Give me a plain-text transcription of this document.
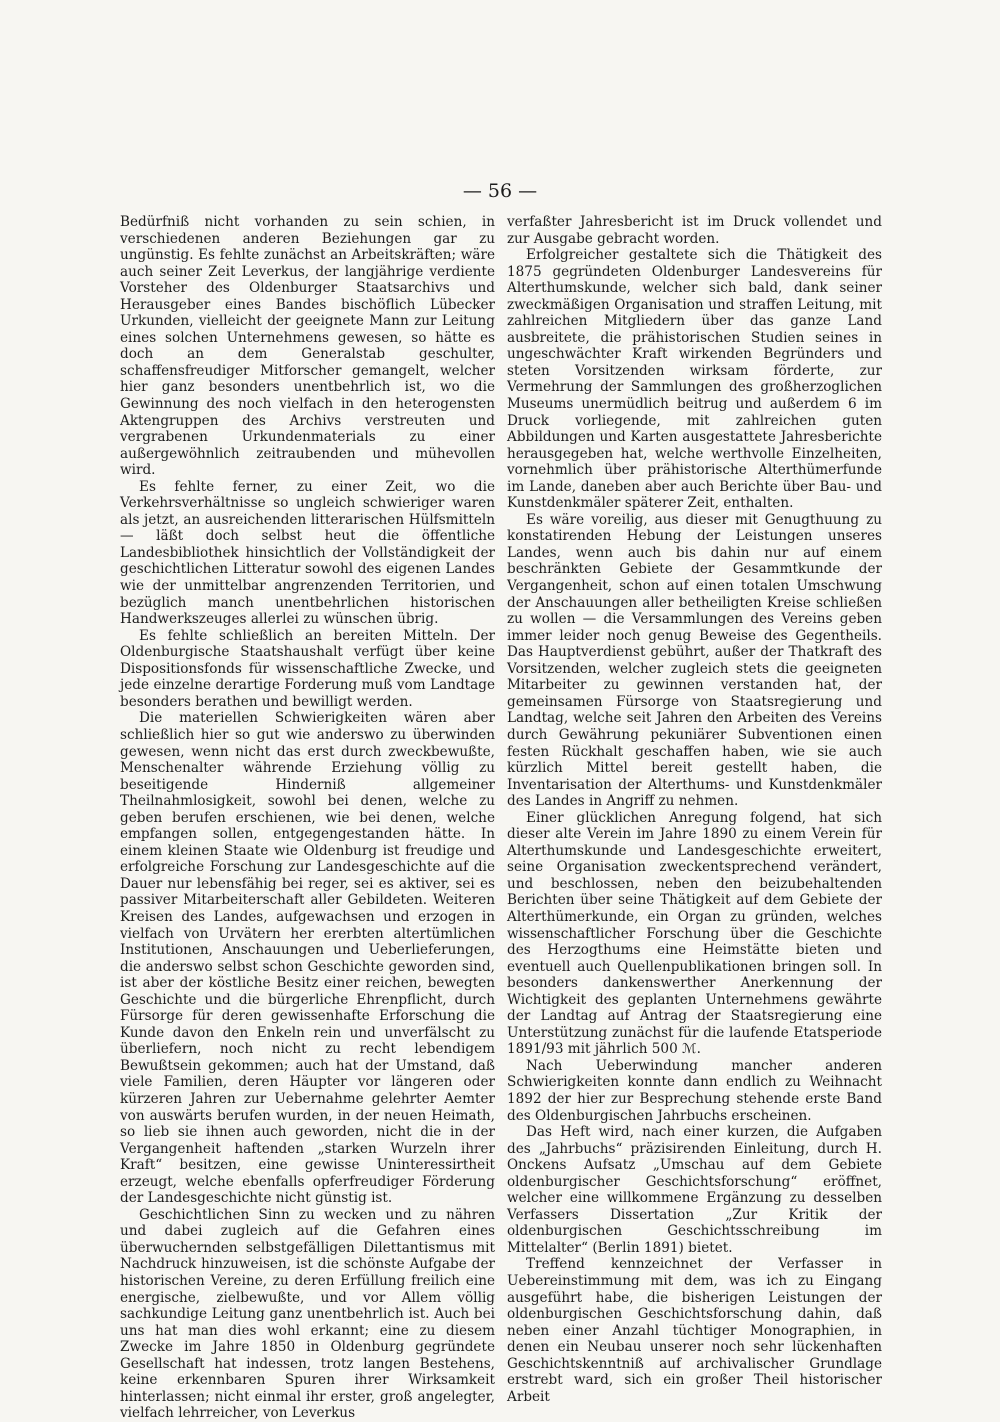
— 56 —

Bedürfniß nicht vorhanden zu sein schien, in verschiedenen anderen Beziehungen gar zu ungünstig. Es fehlte zunächst an Arbeitskräften; wäre auch seiner Zeit Leverkus, der langjährige verdiente Vorsteher des Oldenburger Staatsarchivs und Herausgeber eines Bandes bischöflich Lübecker Urkunden, vielleicht der geeignete Mann zur Leitung eines solchen Unternehmens gewesen, so hätte es doch an dem Generalstab geschulter, schaffensfreudiger Mitforscher gemangelt, welcher hier ganz besonders unentbehrlich ist, wo die Gewinnung des noch vielfach in den heterogensten Aktengruppen des Archivs verstreuten und vergrabenen Urkundenmaterials zu einer außergewöhnlich zeitraubenden und mühevollen wird.

Es fehlte ferner, zu einer Zeit, wo die Verkehrsverhältnisse so ungleich schwieriger waren als jetzt, an ausreichenden litterarischen Hülfsmitteln — läßt doch selbst heut die öffentliche Landesbibliothek hinsichtlich der Vollständigkeit der geschichtlichen Litteratur sowohl des eigenen Landes wie der unmittelbar angrenzenden Territorien, und bezüglich manch unentbehrlichen historischen Handwerkszeuges allerlei zu wünschen übrig.

Es fehlte schließlich an bereiten Mitteln. Der Oldenburgische Staatshaushalt verfügt über keine Dispositionsfonds für wissenschaftliche Zwecke, und jede einzelne derartige Forderung muß vom Landtage besonders berathen und bewilligt werden.

Die materiellen Schwierigkeiten wären aber schließlich hier so gut wie anderswo zu überwinden gewesen, wenn nicht das erst durch zweckbewußte, Menschenalter währende Erziehung völlig zu beseitigende Hinderniß allgemeiner Theilnahmlosigkeit, sowohl bei denen, welche zu geben berufen erschienen, wie bei denen, welche empfangen sollen, entgegengestanden hätte. In einem kleinen Staate wie Oldenburg ist freudige und erfolgreiche Forschung zur Landesgeschichte auf die Dauer nur lebensfähig bei reger, sei es aktiver, sei es passiver Mitarbeiterschaft aller Gebildeten. Weiteren Kreisen des Landes, aufgewachsen und erzogen in vielfach von Urvätern her ererbten altertümlichen Institutionen, Anschauungen und Ueberlieferungen, die anderswo selbst schon Geschichte geworden sind, ist aber der köstliche Besitz einer reichen, bewegten Geschichte und die bürgerliche Ehrenpflicht, durch Fürsorge für deren gewissenhafte Erforschung die Kunde davon den Enkeln rein und unverfälscht zu überliefern, noch nicht zu recht lebendigem Bewußtsein gekommen; auch hat der Umstand, daß viele Familien, deren Häupter vor längeren oder kürzeren Jahren zur Uebernahme gelehrter Aemter von auswärts berufen wurden, in der neuen Heimath, so lieb sie ihnen auch geworden, nicht die in der Vergangenheit haftenden „starken Wurzeln ihrer Kraft“ besitzen, eine gewisse Uninteressirtheit erzeugt, welche ebenfalls opferfreudiger Förderung der Landesgeschichte nicht günstig ist.

Geschichtlichen Sinn zu wecken und zu nähren und dabei zugleich auf die Gefahren eines überwuchernden selbstgefälligen Dilettantismus mit Nachdruck hinzuweisen, ist die schönste Aufgabe der historischen Vereine, zu deren Erfüllung freilich eine energische, zielbewußte, und vor Allem völlig sachkundige Leitung ganz unentbehrlich ist. Auch bei uns hat man dies wohl erkannt; eine zu diesem Zwecke im Jahre 1850 in Oldenburg gegründete Gesellschaft hat indessen, trotz langen Bestehens, keine erkennbaren Spuren ihrer Wirksamkeit hinterlassen; nicht einmal ihr erster, groß angelegter, vielfach lehrreicher, von Leverkus

verfaßter Jahresbericht ist im Druck vollendet und zur Ausgabe gebracht worden.

Erfolgreicher gestaltete sich die Thätigkeit des 1875 gegründeten Oldenburger Landesvereins für Alterthumskunde, welcher sich bald, dank seiner zweckmäßigen Organisation und straffen Leitung, mit zahlreichen Mitgliedern über das ganze Land ausbreitete, die prähistorischen Studien seines in ungeschwächter Kraft wirkenden Begründers und steten Vorsitzenden wirksam förderte, zur Vermehrung der Sammlungen des großherzoglichen Museums unermüdlich beitrug und außerdem 6 im Druck vorliegende, mit zahlreichen guten Abbildungen und Karten ausgestattete Jahresberichte herausgegeben hat, welche werthvolle Einzelheiten, vornehmlich über prähistorische Alterthümerfunde im Lande, daneben aber auch Berichte über Bau- und Kunstdenkmäler späterer Zeit, enthalten.

Es wäre voreilig, aus dieser mit Genugthuung zu konstatirenden Hebung der Leistungen unseres Landes, wenn auch bis dahin nur auf einem beschränkten Gebiete der Gesammtkunde der Vergangenheit, schon auf einen totalen Umschwung der Anschauungen aller betheiligten Kreise schließen zu wollen — die Versammlungen des Vereins geben immer leider noch genug Beweise des Gegentheils. Das Hauptverdienst gebührt, außer der Thatkraft des Vorsitzenden, welcher zugleich stets die geeigneten Mitarbeiter zu gewinnen verstanden hat, der gemeinsamen Fürsorge von Staatsregierung und Landtag, welche seit Jahren den Arbeiten des Vereins durch Gewährung pekuniärer Subventionen einen festen Rückhalt geschaffen haben, wie sie auch kürzlich Mittel bereit gestellt haben, die Inventarisation der Alterthums- und Kunstdenkmäler des Landes in Angriff zu nehmen.

Einer glücklichen Anregung folgend, hat sich dieser alte Verein im Jahre 1890 zu einem Verein für Alterthumskunde und Landesgeschichte erweitert, seine Organisation zweckentsprechend verändert, und beschlossen, neben den beizubehaltenden Berichten über seine Thätigkeit auf dem Gebiete der Alterthümerkunde, ein Organ zu gründen, welches wissenschaftlicher Forschung über die Geschichte des Herzogthums eine Heimstätte bieten und eventuell auch Quellenpublikationen bringen soll. In besonders dankenswerther Anerkennung der Wichtigkeit des geplanten Unternehmens gewährte der Landtag auf Antrag der Staatsregierung eine Unterstützung zunächst für die laufende Etatsperiode 1891/93 mit jährlich 500 ℳ.

Nach Ueberwindung mancher anderen Schwierigkeiten konnte dann endlich zu Weihnacht 1892 der hier zur Besprechung stehende erste Band des Oldenburgischen Jahrbuchs erscheinen.

Das Heft wird, nach einer kurzen, die Aufgaben des „Jahrbuchs“ präzisirenden Einleitung, durch H. Onckens Aufsatz „Umschau auf dem Gebiete oldenburgischer Geschichtsforschung“ eröffnet, welcher eine willkommene Ergänzung zu desselben Verfassers Dissertation „Zur Kritik der oldenburgischen Geschichtsschreibung im Mittelalter“ (Berlin 1891) bietet.

Treffend kennzeichnet der Verfasser in Uebereinstimmung mit dem, was ich zu Eingang ausgeführt habe, die bisherigen Leistungen der oldenburgischen Geschichtsforschung dahin, daß neben einer Anzahl tüchtiger Monographien, in denen ein Neubau unserer noch sehr lückenhaften Geschichtskenntniß auf archivalischer Grundlage erstrebt ward, sich ein großer Theil historischer Arbeit
